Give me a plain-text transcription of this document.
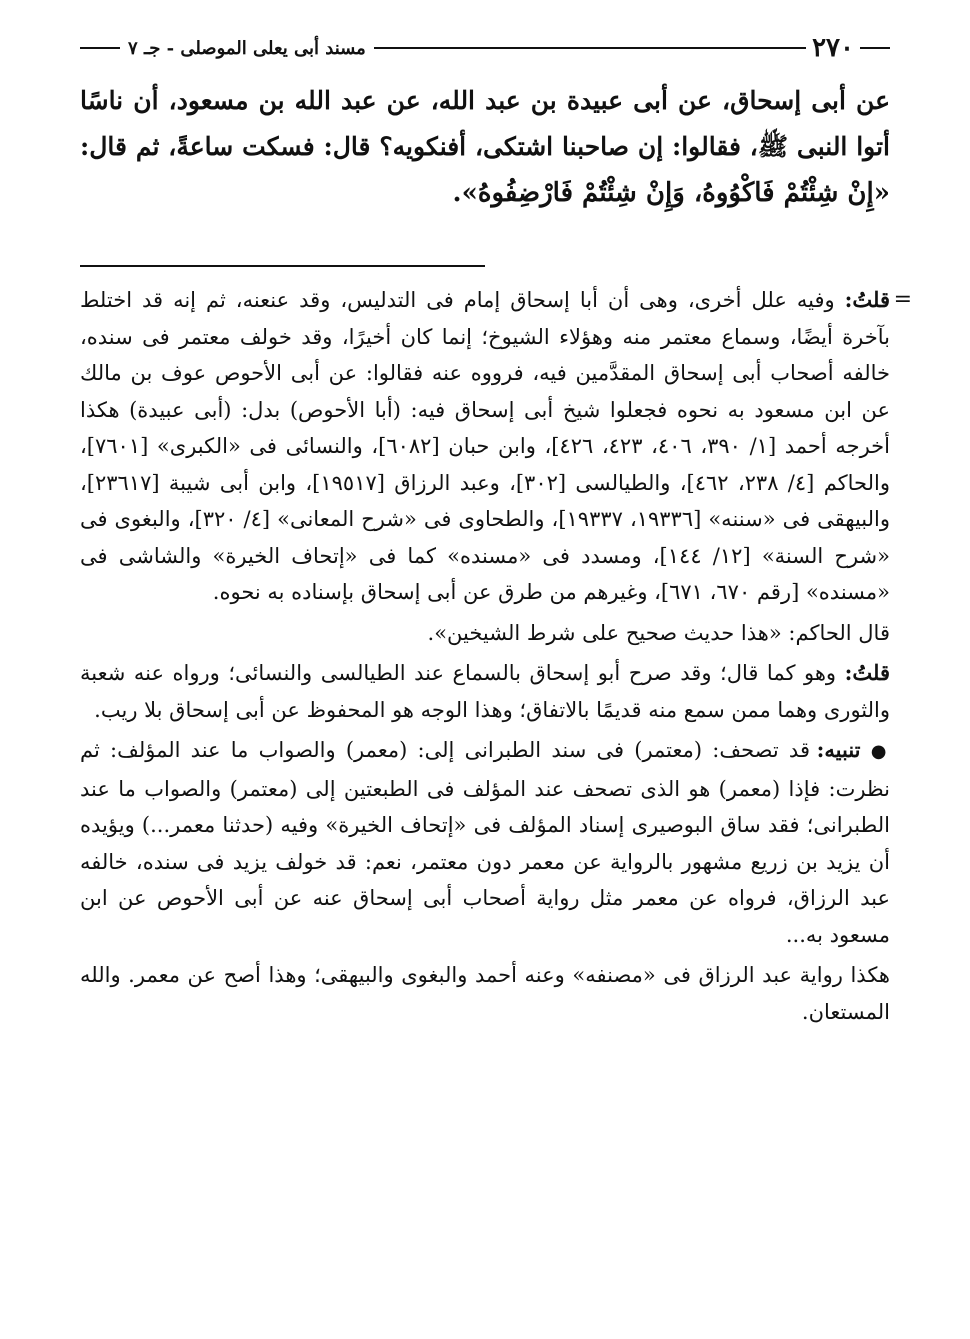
٢٧٠
مسند أبى يعلى الموصلى - جـ ٧
عن أبى إسحاق، عن أبى عبيدة بن عبد الله، عن عبد الله بن مسعود، أن ناسًا أتوا النبى ﷺ، فقالوا: إن صاحبنا اشتكى، أفنكويه؟ قال: فسكت ساعةً، ثم قال: «إِنْ شِئْتُمْ فَاكْوُوهُ، وَإِنْ شِئْتُمْ فَارْضِفُوهُ».

=
قلتُ: وفيه علل أخرى، وهى أن أبا إسحاق إمام فى التدليس، وقد عنعنه، ثم إنه قد اختلط بآخرة أيضًا، وسماع معتمر منه وهؤلاء الشيوخ؛ إنما كان أخيرًا، وقد خولف معتمر فى سنده، خالفه أصحاب أبى إسحاق المقدَّمين فيه، فرووه عنه فقالوا: عن أبى الأحوص عوف بن مالك عن ابن مسعود به نحوه فجعلوا شيخ أبى إسحاق فيه: (أبا الأحوص) بدل: (أبى عبيدة) هكذا أخرجه أحمد [١/ ٣٩٠، ٤٠٦، ٤٢٣، ٤٢٦]، وابن حبان [٦٠٨٢]، والنسائى فى «الكبرى» [٧٦٠١]، والحاكم [٤/ ٢٣٨، ٤٦٢]، والطيالسى [٣٠٢]، وعبد الرزاق [١٩٥١٧]، وابن أبى شيبة [٢٣٦١٧]، والبيهقى فى «سننه» [١٩٣٣٦، ١٩٣٣٧]، والطحاوى فى «شرح المعانى» [٤/ ٣٢٠]، والبغوى فى «شرح السنة» [١٢/ ١٤٤]، ومسدد فى «مسنده» كما فى «إتحاف الخيرة» والشاشى فى «مسنده» [رقم ٦٧٠، ٦٧١]، وغيرهم من طرق عن أبى إسحاق بإسناده به نحوه.

قال الحاكم: «هذا حديث صحيح على شرط الشيخين».

قلتُ: وهو كما قال؛ وقد صرح أبو إسحاق بالسماع عند الطيالسى والنسائى؛ ورواه عنه شعبة والثورى وهما ممن سمع منه قديمًا بالاتفاق؛ وهذا الوجه هو المحفوظ عن أبى إسحاق بلا ريب.

● تنبيه: قد تصحف: (معتمر) فى سند الطبرانى إلى: (معمر) والصواب ما عند المؤلف: ثم نظرت: فإذا (معمر) هو الذى تصحف عند المؤلف فى الطبعتين إلى (معتمر) والصواب ما عند الطبرانى؛ فقد ساق البوصيرى إسناد المؤلف فى «إتحاف الخيرة» وفيه (حدثنا معمر...) ويؤيده أن يزيد بن زريع مشهور بالرواية عن معمر دون معتمر، نعم: قد خولف يزيد فى سنده، خالفه عبد الرزاق، فرواه عن معمر مثل رواية أصحاب أبى إسحاق عنه عن أبى الأحوص عن ابن مسعود به...

هكذا رواية عبد الرزاق فى «مصنفه» وعنه أحمد والبغوى والبيهقى؛ وهذا أصح عن معمر. والله المستعان.
